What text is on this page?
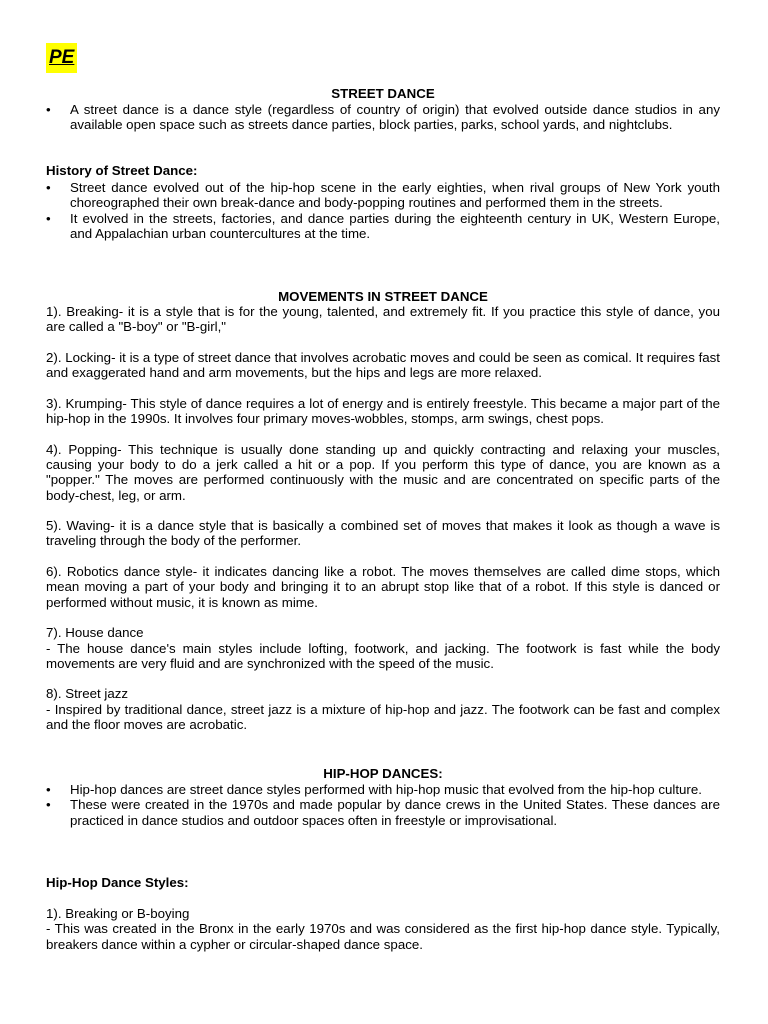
PE
STREET DANCE
• A street dance is a dance style (regardless of country of origin) that evolved outside dance studios in any available open space such as streets dance parties, block parties, parks, school yards, and nightclubs.
History of Street Dance:
• Street dance evolved out of the hip-hop scene in the early eighties, when rival groups of New York youth choreographed their own break-dance and body-popping routines and performed them in the streets.
• It evolved in the streets, factories, and dance parties during the eighteenth century in UK, Western Europe, and Appalachian urban countercultures at the time.
MOVEMENTS IN STREET DANCE

1). Breaking- it is a style that is for the young, talented, and extremely fit. If you practice this style of dance, you are called a "B-boy" or "B-girl,"

2). Locking- it is a type of street dance that involves acrobatic moves and could be seen as comical. It requires fast and exaggerated hand and arm movements, but the hips and legs are more relaxed.

3). Krumping- This style of dance requires a lot of energy and is entirely freestyle. This became a major part of the hip-hop in the 1990s. It involves four primary moves-wobbles, stomps, arm swings, chest pops.

4). Popping- This technique is usually done standing up and quickly contracting and relaxing your muscles, causing your body to do a jerk called a hit or a pop. If you perform this type of dance, you are known as a "popper." The moves are performed continuously with the music and are concentrated on specific parts of the body-chest, leg, or arm.

5). Waving- it is a dance style that is basically a combined set of moves that makes it look as though a wave is traveling through the body of the performer.

6). Robotics dance style- it indicates dancing like a robot. The moves themselves are called dime stops, which mean moving a part of your body and bringing it to an abrupt stop like that of a robot. If this style is danced or performed without music, it is known as mime.

7). House dance

- The house dance's main styles include lofting, footwork, and jacking. The footwork is fast while the body movements are very fluid and are synchronized with the speed of the music.

8). Street jazz

- Inspired by traditional dance, street jazz is a mixture of hip-hop and jazz. The footwork can be fast and complex and the floor moves are acrobatic.

HIP-HOP DANCES:
• Hip-hop dances are street dance styles performed with hip-hop music that evolved from the hip-hop culture.
• These were created in the 1970s and made popular by dance crews in the United States. These dances are practiced in dance studios and outdoor spaces often in freestyle or improvisational.
Hip-Hop Dance Styles:

1). Breaking or B-boying

- This was created in the Bronx in the early 1970s and was considered as the first hip-hop dance style. Typically, breakers dance within a cypher or circular-shaped dance space.
